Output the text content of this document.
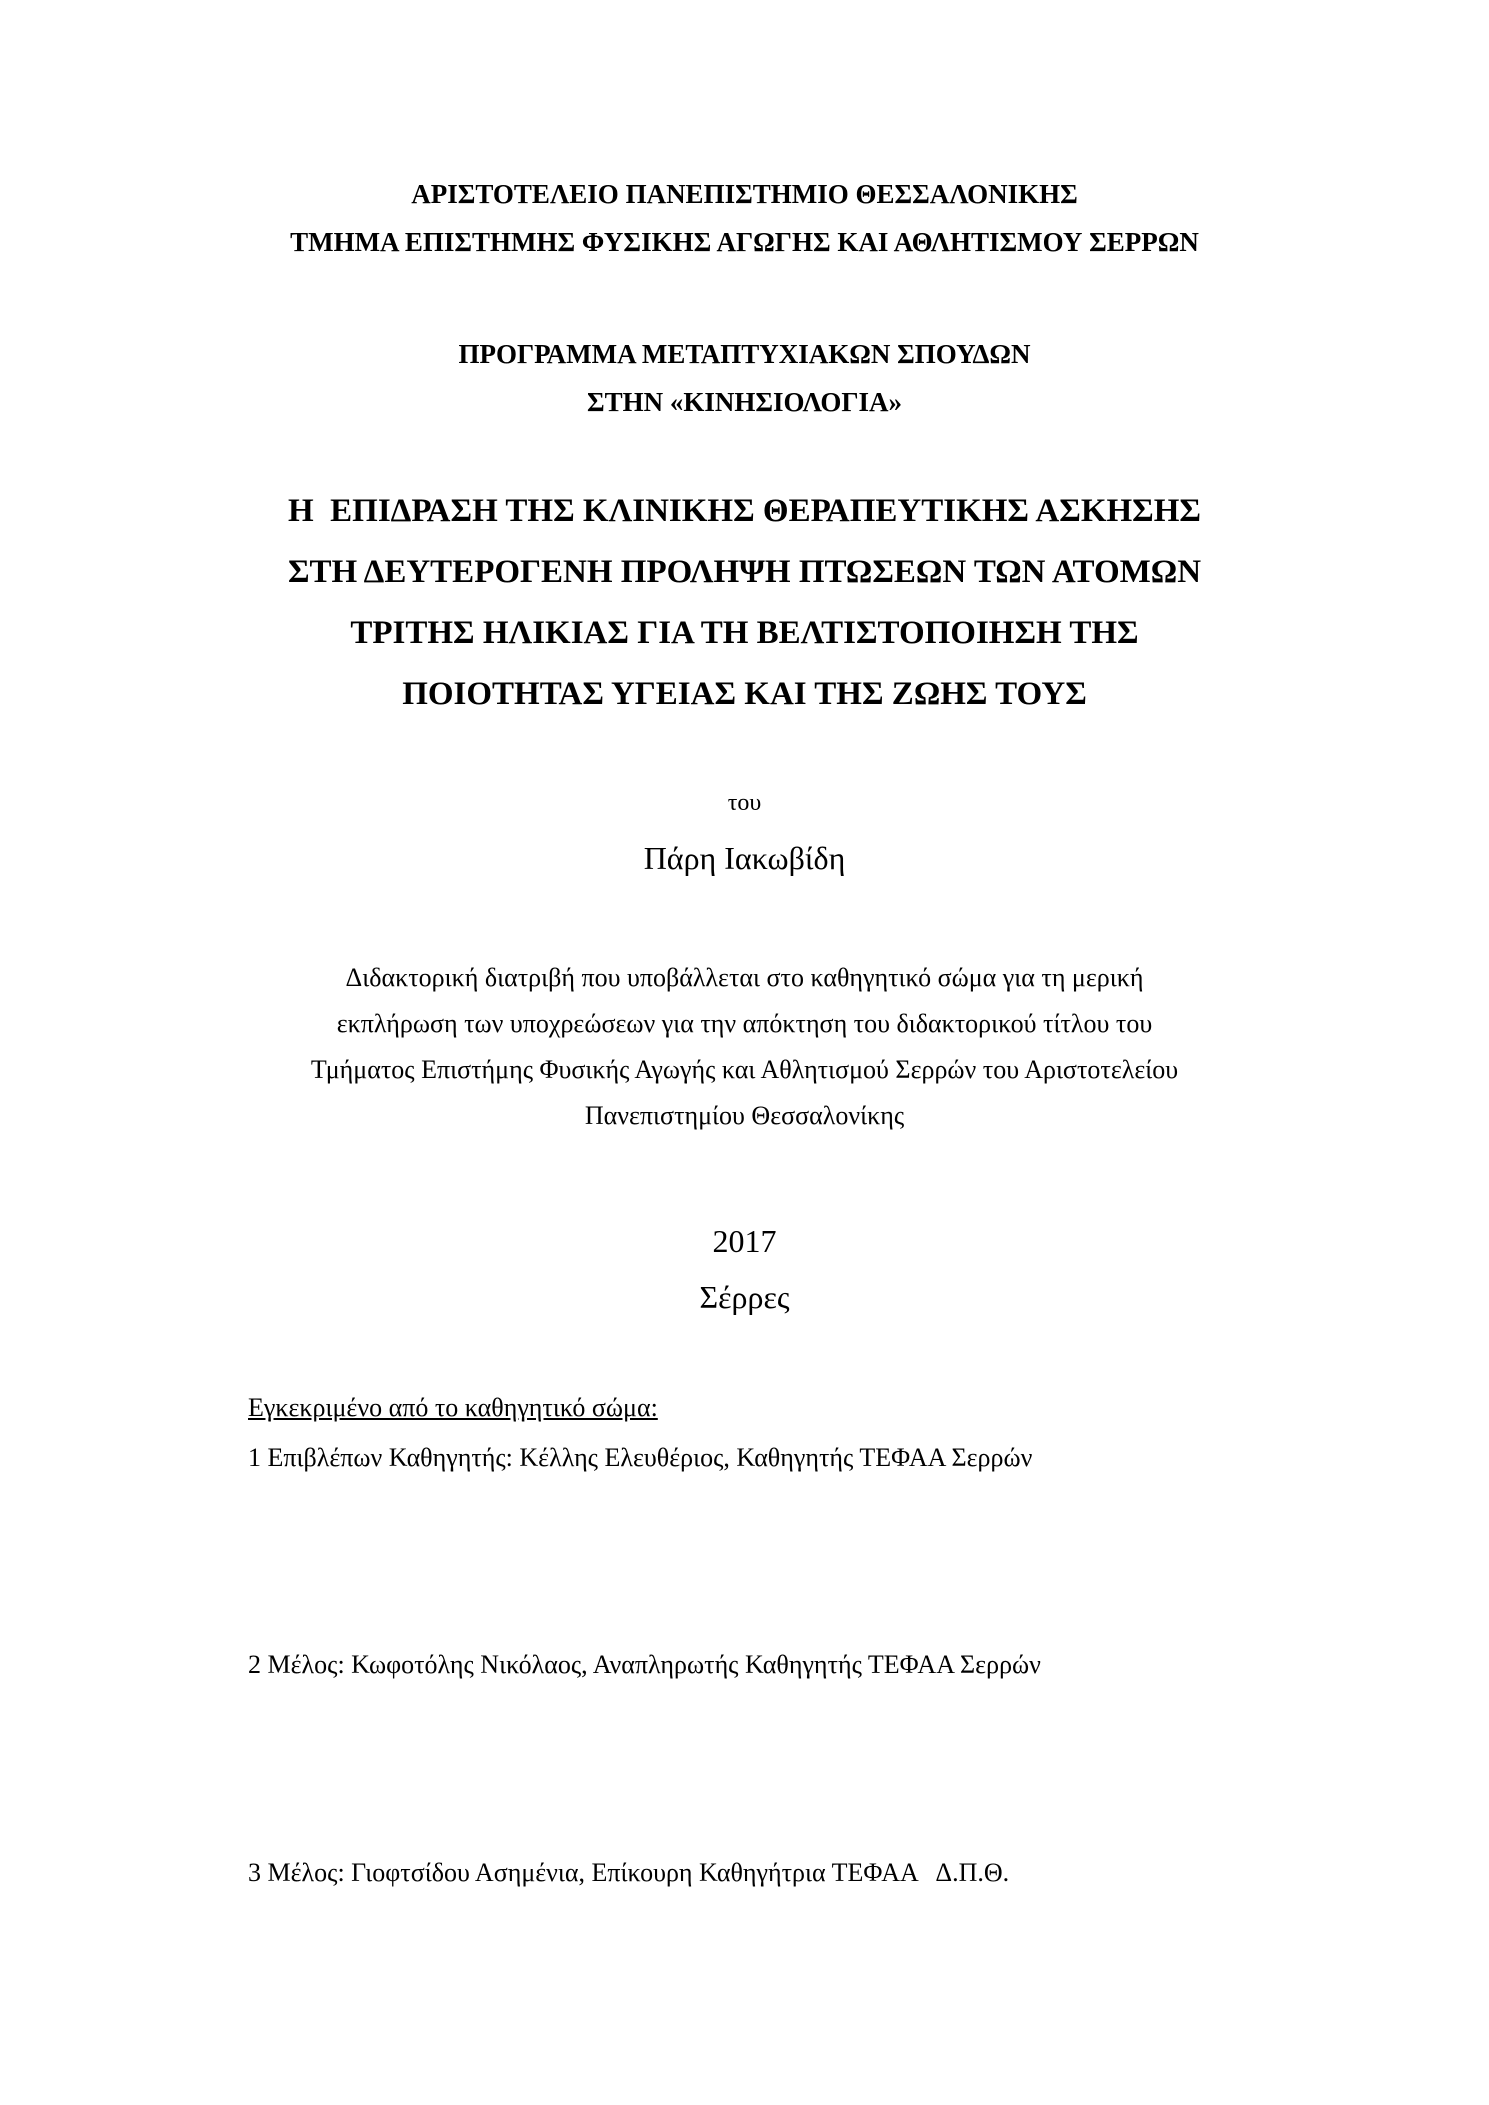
ΑΡΙΣΤΟΤΕΛΕΙΟ ΠΑΝΕΠΙΣΤΗΜΙΟ ΘΕΣΣΑΛΟΝΙΚΗΣ
ΤΜΗΜΑ ΕΠΙΣΤΗΜΗΣ ΦΥΣΙΚΗΣ ΑΓΩΓΗΣ ΚΑΙ ΑΘΛΗΤΙΣΜΟΥ ΣΕΡΡΩΝ
ΠΡΟΓΡΑΜΜΑ ΜΕΤΑΠΤΥΧΙΑΚΩΝ ΣΠΟΥΔΩΝ
ΣΤΗΝ «ΚΙΝΗΣΙΟΛΟΓΙΑ»
Η  ΕΠΙΔΡΑΣΗ ΤΗΣ ΚΛΙΝΙΚΗΣ ΘΕΡΑΠΕΥΤΙΚΗΣ ΑΣΚΗΣΗΣ
ΣΤΗ ΔΕΥΤΕΡΟΓΕΝΗ ΠΡΟΛΗΨΗ ΠΤΩΣΕΩΝ ΤΩΝ ΑΤΟΜΩΝ
ΤΡΙΤΗΣ ΗΛΙΚΙΑΣ ΓΙΑ ΤΗ ΒΕΛΤΙΣΤΟΠΟΙΗΣΗ ΤΗΣ
ΠΟΙΟΤΗΤΑΣ ΥΓΕΙΑΣ ΚΑΙ ΤΗΣ ΖΩΗΣ ΤΟΥΣ
του
Πάρη Ιακωβίδη
Διδακτορική διατριβή που υποβάλλεται στο καθηγητικό σώμα για τη μερική
εκπλήρωση των υποχρεώσεων για την απόκτηση του διδακτορικού τίτλου του
Τμήματος Επιστήμης Φυσικής Αγωγής και Αθλητισμού Σερρών του Αριστοτελείου
Πανεπιστημίου Θεσσαλονίκης
2017
Σέρρες
Εγκεκριμένο από το καθηγητικό σώμα:
1 Επιβλέπων Καθηγητής: Κέλλης Ελευθέριος, Καθηγητής ΤΕΦΑΑ Σερρών
2 Μέλος: Κωφοτόλης Νικόλαος, Αναπληρωτής Καθηγητής ΤΕΦΑΑ Σερρών
3 Μέλος: Γιοφτσίδου Ασημένια, Επίκουρη Καθηγήτρια ΤΕΦΑΑ   Δ.Π.Θ.
